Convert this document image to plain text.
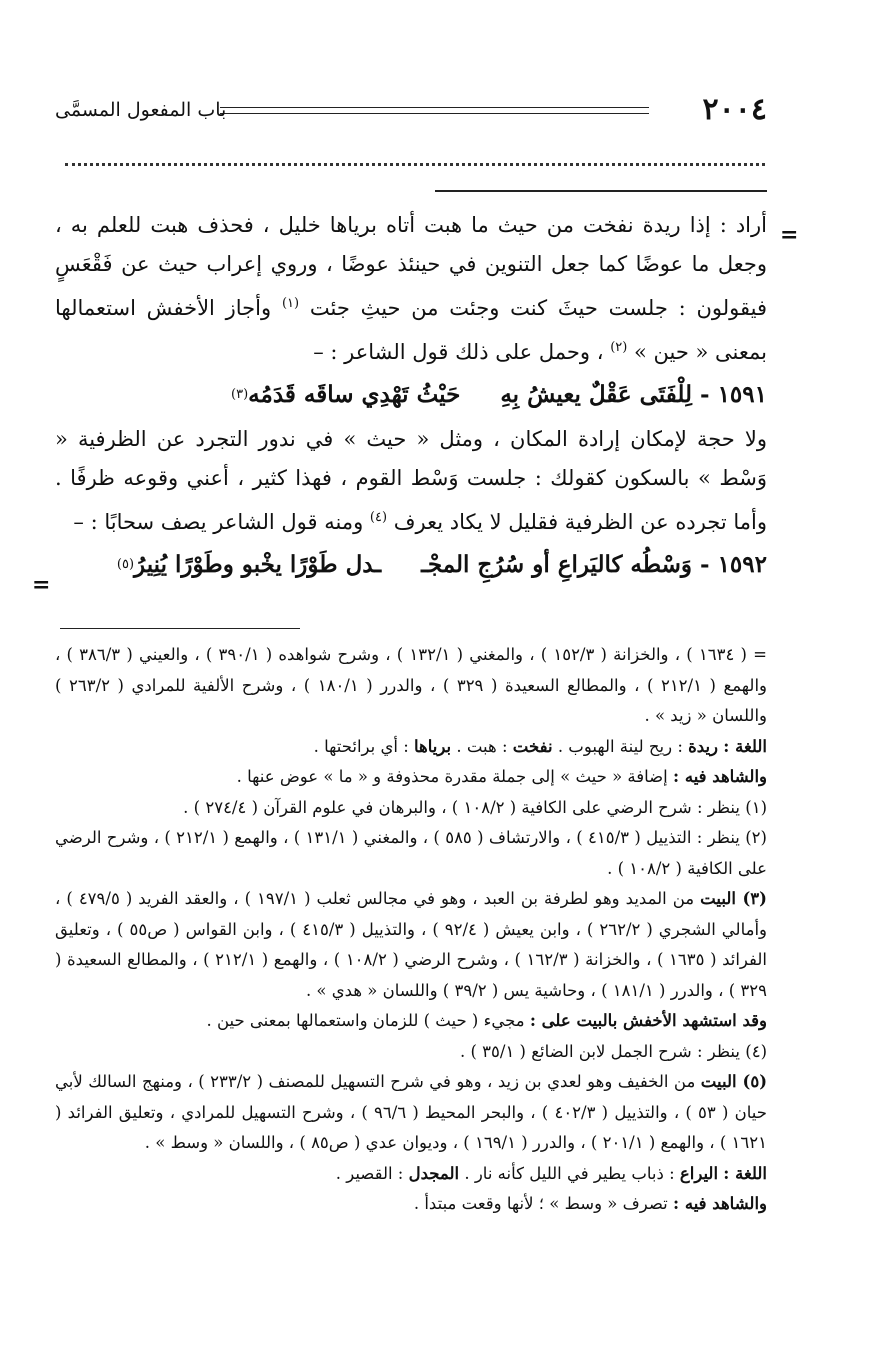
٢٠٠٤
باب المفعول المسمَّى
=
=

أراد : إذا ريدة نفخت من حيث ما هبت أتاه برياها خليل ، فحذف هبت للعلم به ، وجعل ما عوضًا كما جعل التنوين في حينئذ عوضًا ، وروي إعراب حيث عن فَقْعَسٍ فيقولون : جلست حيثَ كنت وجئت من حيثِ جئت $^{(١)}$ وأجاز الأخفش استعمالها بمعنى « حين » $^{(٢)}$ ، وحمل على ذلك قول الشاعر : –

١٥٩١ -
لِلْفَتَى عَقْلٌ يعيشُ بِهِ
حَيْثُ تَهْدِي ساقَه قَدَمُه
(٣)

ولا حجة لإمكان إرادة المكان ، ومثل « حيث » في ندور التجرد عن الظرفية « وَسْط » بالسكون كقولك : جلست وَسْط القوم ، فهذا كثير ، أعني وقوعه ظرفًا . وأما تجرده عن الظرفية فقليل لا يكاد يعرف $^{(٤)}$ ومنه قول الشاعر يصف سحابًا : –

١٥٩٢ -
وَسْطُه كاليَراعِ أو سُرُجِ المجْـ
ـدل طَوْرًا يخْبو وطَوْرًا يُنِيرُ
(٥)

= ( ١٦٣٤ ) ، والخزانة ( ١٥٢/٣ ) ، والمغني ( ١٣٢/١ ) ، وشرح شواهده ( ٣٩٠/١ ) ، والعيني ( ٣٨٦/٣ ) ، والهمع ( ٢١٢/١ ) ، والمطالع السعيدة ( ٣٢٩ ) ، والدرر ( ١٨٠/١ ) ، وشرح الألفية للمرادي ( ٢٦٣/٢ ) واللسان « زيد » .

اللغة : ريدة : ريح لينة الهبوب . نفخت : هبت . برياها : أي برائحتها .

والشاهد فيه : إضافة « حيث » إلى جملة مقدرة محذوفة و « ما » عوض عنها .

(١) ينظر : شرح الرضي على الكافية ( ١٠٨/٢ ) ، والبرهان في علوم القرآن ( ٢٧٤/٤ ) .

(٢) ينظر : التذييل ( ٤١٥/٣ ) ، والارتشاف ( ٥٨٥ ) ، والمغني ( ١٣١/١ ) ، والهمع ( ٢١٢/١ ) ، وشرح الرضي على الكافية ( ١٠٨/٢ ) .

(٣) البيت من المديد وهو لطرفة بن العبد ، وهو في مجالس ثعلب ( ١٩٧/١ ) ، والعقد الفريد ( ٤٧٩/٥ ) ، وأمالي الشجري ( ٢٦٢/٢ ) ، وابن يعيش ( ٩٢/٤ ) ، والتذييل ( ٤١٥/٣ ) ، وابن القواس ( ص٥٥ ) ، وتعليق الفرائد ( ١٦٣٥ ) ، والخزانة ( ١٦٢/٣ ) ، وشرح الرضي ( ١٠٨/٢ ) ، والهمع ( ٢١٢/١ ) ، والمطالع السعيدة ( ٣٢٩ ) ، والدرر ( ١٨١/١ ) ، وحاشية يس ( ٣٩/٢ ) واللسان « هدي » .

وقد استشهد الأخفش بالبيت على : مجيء ( حيث ) للزمان واستعمالها بمعنى حين .

(٤) ينظر : شرح الجمل لابن الضائع ( ٣٥/١ ) .

(٥) البيت من الخفيف وهو لعدي بن زيد ، وهو في شرح التسهيل للمصنف ( ٢٣٣/٢ ) ، ومنهج السالك لأبي حيان ( ٥٣ ) ، والتذييل ( ٤٠٢/٣ ) ، والبحر المحيط ( ٩٦/٦ ) ، وشرح التسهيل للمرادي ، وتعليق الفرائد ( ١٦٢١ ) ، والهمع ( ٢٠١/١ ) ، والدرر ( ١٦٩/١ ) ، وديوان عدي ( ص٨٥ ) ، واللسان « وسط » .

اللغة : اليراع : ذباب يطير في الليل كأنه نار . المجدل : القصير .

والشاهد فيه : تصرف « وسط » ؛ لأنها وقعت مبتدأ .
